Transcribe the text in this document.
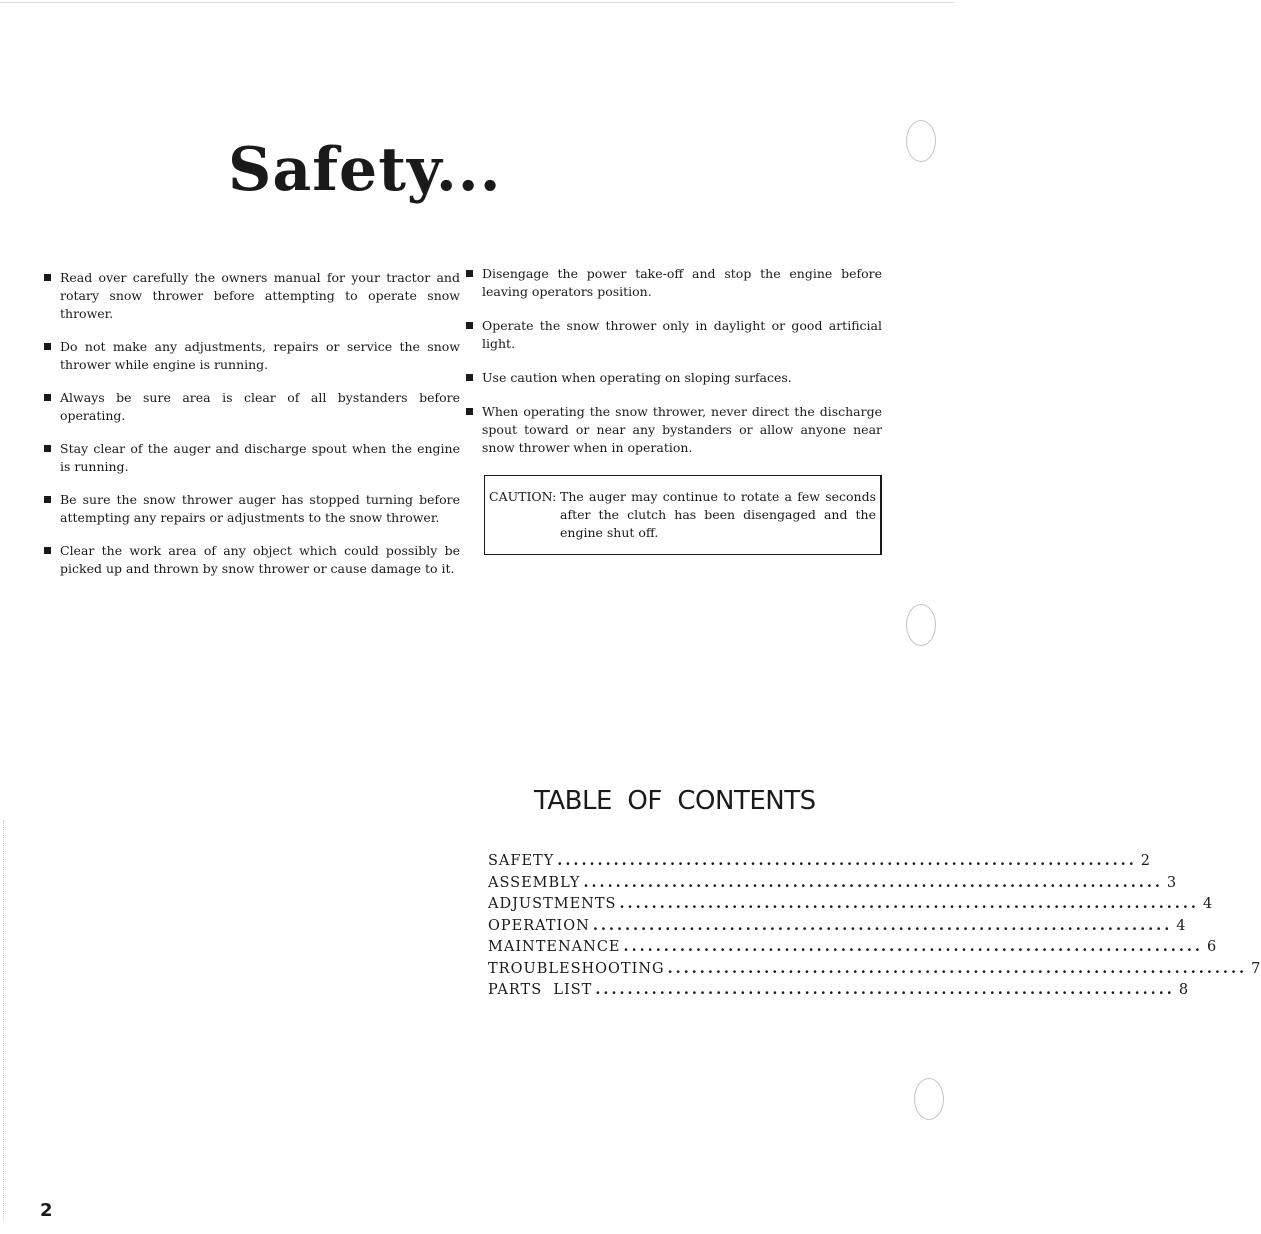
Safety...

Read over carefully the owners manual for your tractor and rotary snow thrower before attempting to operate snow thrower.

Do not make any adjustments, repairs or service the snow thrower while engine is running.

Always be sure area is clear of all bystanders before operating.

Stay clear of the auger and discharge spout when the engine is running.

Be sure the snow thrower auger has stopped turning before attempting any repairs or adjustments to the snow thrower.

Clear the work area of any object which could possibly be picked up and thrown by snow thrower or cause damage to it.

Disengage the power take-off and stop the engine before leaving operators position.

Operate the snow thrower only in daylight or good artificial light.

Use caution when operating on sloping surfaces.

When operating the snow thrower, never direct the discharge spout toward or near any bystanders or allow anyone near snow thrower when in operation.

CAUTION: The auger may continue to rotate a few seconds after the clutch has been disengaged and the engine shut off.
TABLE  OF  CONTENTS
SAFETY ........................................................................ 2
ASSEMBLY ........................................................................ 3
ADJUSTMENTS ........................................................................ 4
OPERATION ........................................................................ 4
MAINTENANCE ........................................................................ 6
TROUBLESHOOTING ........................................................................ 7
PARTS  LIST ........................................................................ 8
2
